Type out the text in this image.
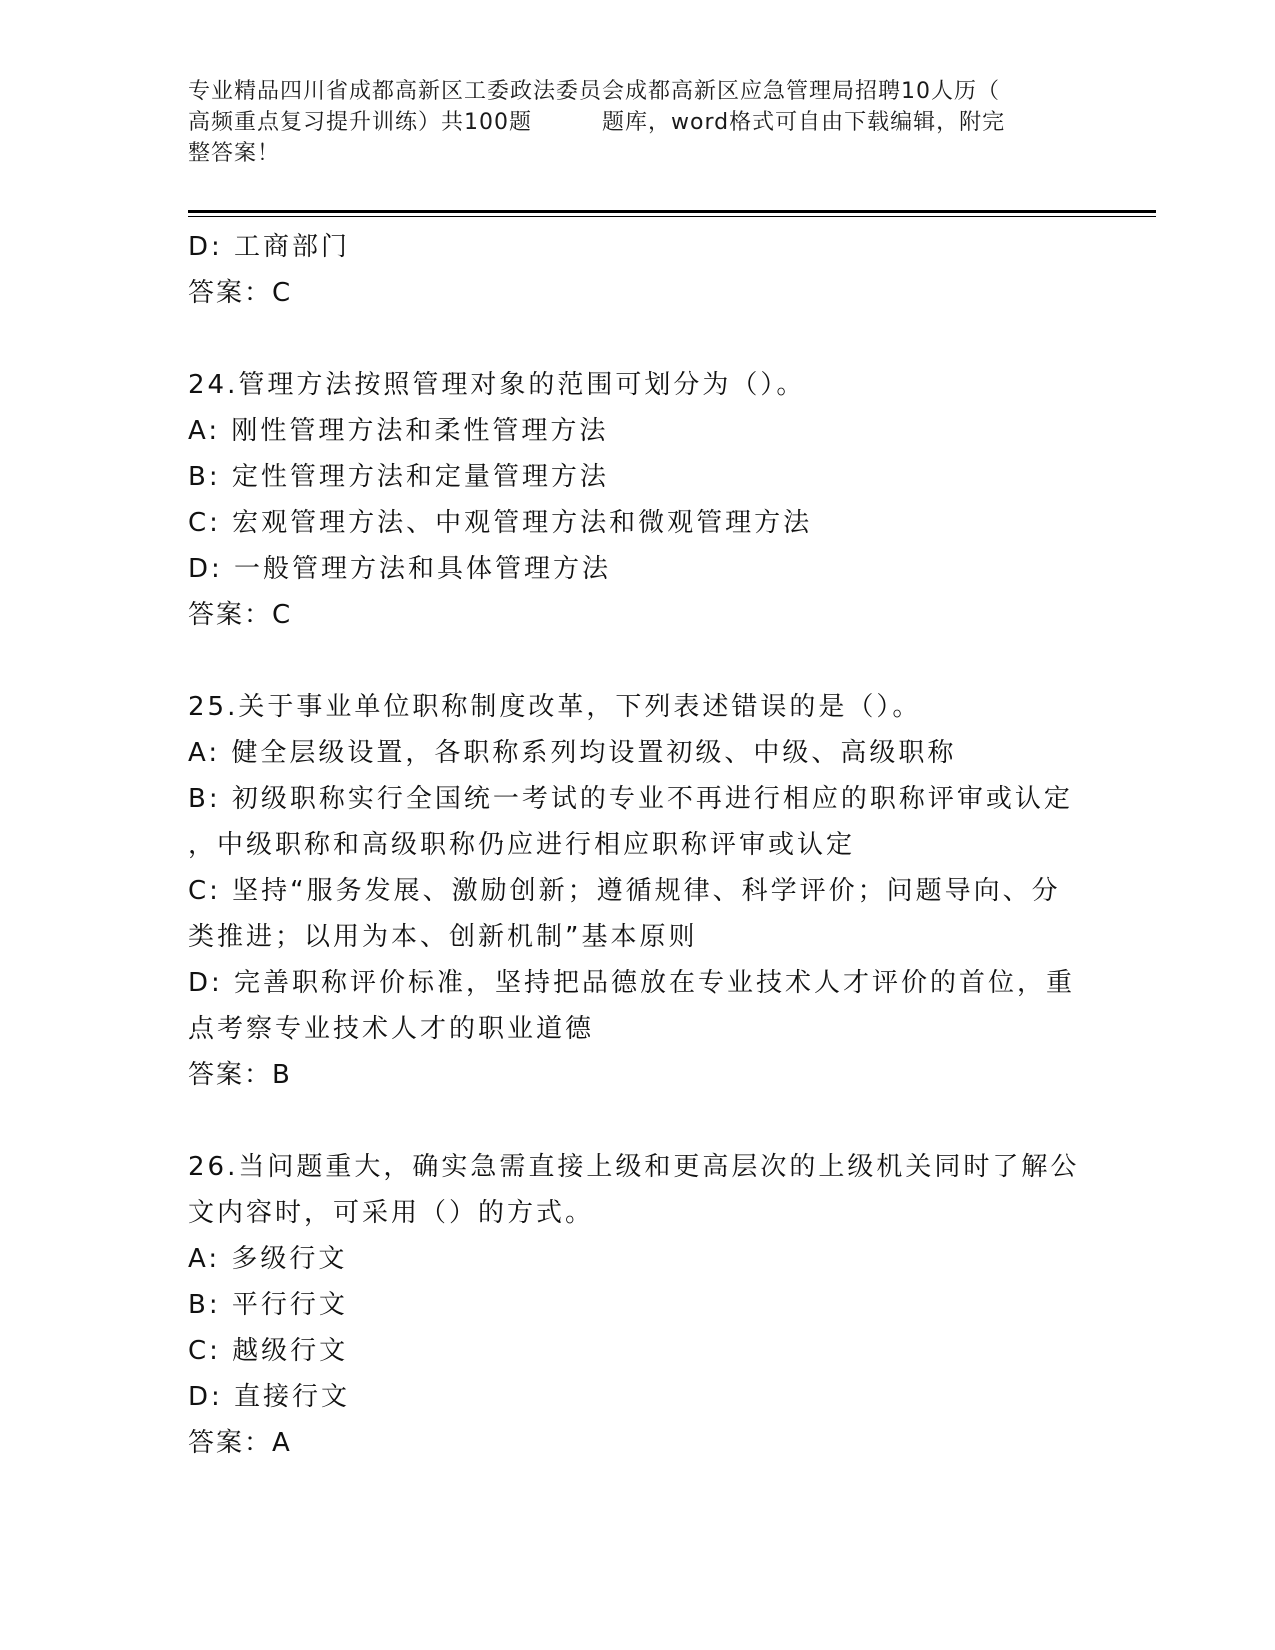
专业精品四川省成都高新区工委政法委员会成都高新区应急管理局招聘10人历（
高频重点复习提升训练）共100题	题库，word格式可自由下载编辑，附完
整答案！
D: 工商部门
答案：C
24.管理方法按照管理对象的范围可划分为（）。
A: 刚性管理方法和柔性管理方法
B: 定性管理方法和定量管理方法
C: 宏观管理方法、中观管理方法和微观管理方法
D: 一般管理方法和具体管理方法
答案：C
25.关于事业单位职称制度改革，下列表述错误的是（）。
A: 健全层级设置，各职称系列均设置初级、中级、高级职称
B: 初级职称实行全国统一考试的专业不再进行相应的职称评审或认定
，中级职称和高级职称仍应进行相应职称评审或认定
C: 坚持“服务发展、激励创新；遵循规律、科学评价；问题导向、分
类推进；以用为本、创新机制”基本原则
D: 完善职称评价标准，坚持把品德放在专业技术人才评价的首位，重
点考察专业技术人才的职业道德
答案：B
26.当问题重大，确实急需直接上级和更高层次的上级机关同时了解公
文内容时，可采用（）的方式。
A: 多级行文
B: 平行行文
C: 越级行文
D: 直接行文
答案：A
